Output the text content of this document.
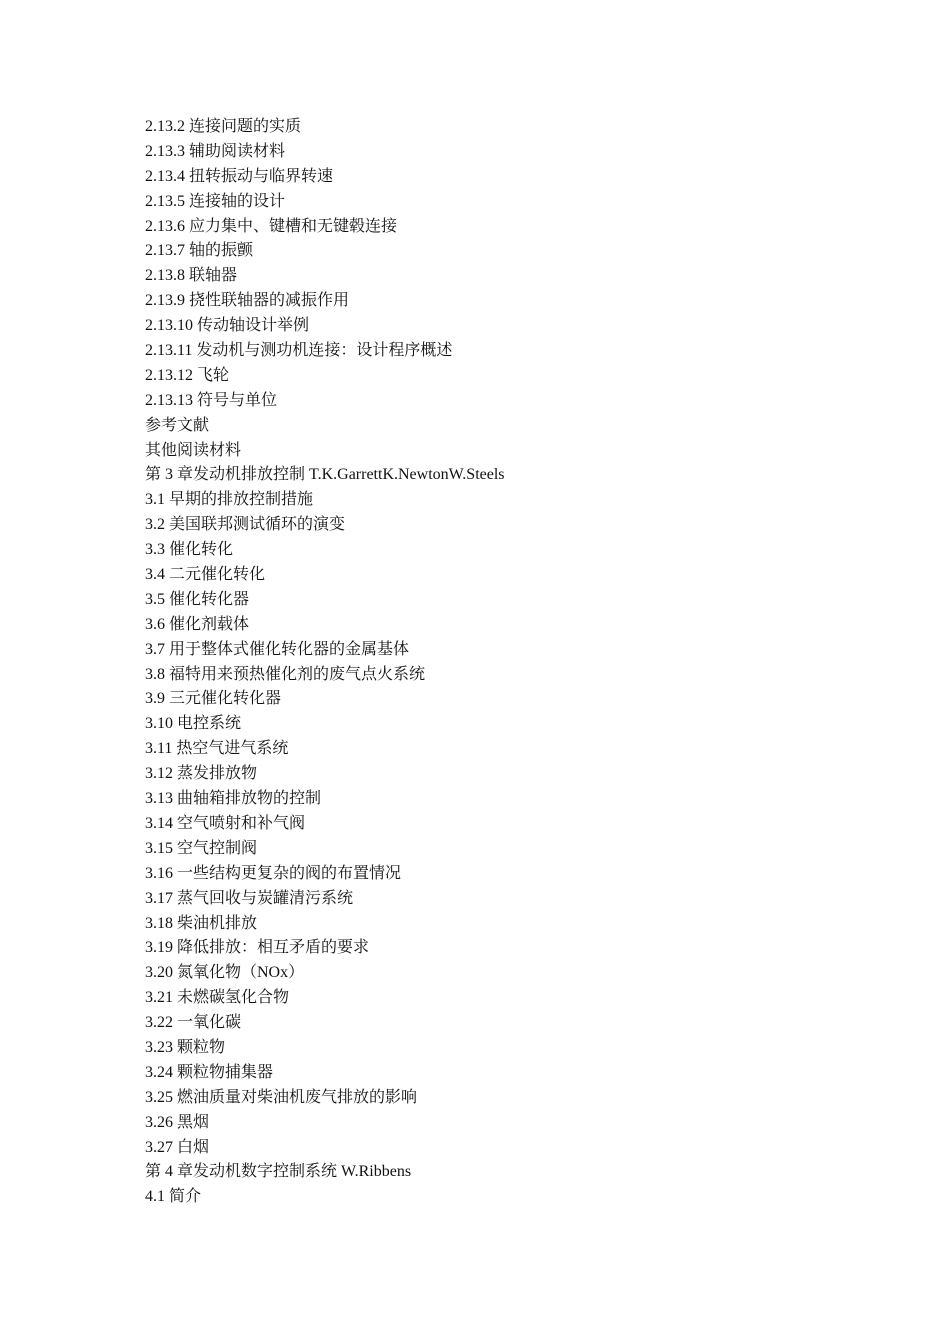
2.13.2 连接问题的实质
2.13.3 辅助阅读材料
2.13.4 扭转振动与临界转速
2.13.5 连接轴的设计
2.13.6 应力集中、键槽和无键毂连接
2.13.7 轴的振颤
2.13.8 联轴器
2.13.9 挠性联轴器的减振作用
2.13.10 传动轴设计举例
2.13.11 发动机与测功机连接：设计程序概述
2.13.12 飞轮
2.13.13 符号与单位
参考文献
其他阅读材料
第 3 章发动机排放控制 T.K.GarrettK.NewtonW.Steels
3.1 早期的排放控制措施
3.2 美国联邦测试循环的演变
3.3 催化转化
3.4 二元催化转化
3.5 催化转化器
3.6 催化剂载体
3.7 用于整体式催化转化器的金属基体
3.8 福特用来预热催化剂的废气点火系统
3.9 三元催化转化器
3.10 电控系统
3.11 热空气进气系统
3.12 蒸发排放物
3.13 曲轴箱排放物的控制
3.14 空气喷射和补气阀
3.15 空气控制阀
3.16 一些结构更复杂的阀的布置情况
3.17 蒸气回收与炭罐清污系统
3.18 柴油机排放
3.19 降低排放：相互矛盾的要求
3.20 氮氧化物（NOx）
3.21 未燃碳氢化合物
3.22 一氧化碳
3.23 颗粒物
3.24 颗粒物捕集器
3.25 燃油质量对柴油机废气排放的影响
3.26 黑烟
3.27 白烟
第 4 章发动机数字控制系统 W.Ribbens
4.1 简介
